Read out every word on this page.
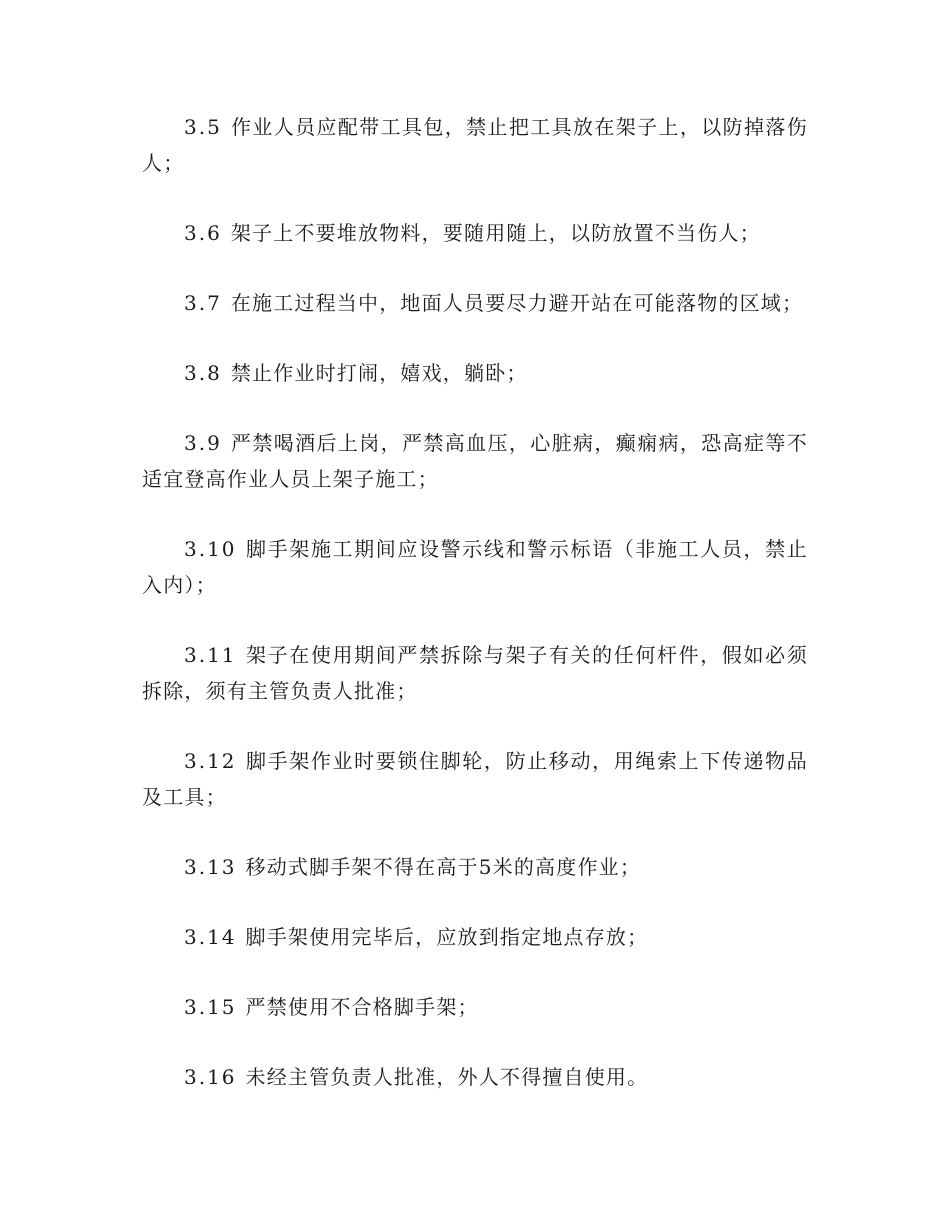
3.5 作业人员应配带工具包，禁止把工具放在架子上，以防掉落伤人；

3.6 架子上不要堆放物料，要随用随上，以防放置不当伤人；

3.7 在施工过程当中，地面人员要尽力避开站在可能落物的区域；

3.8 禁止作业时打闹，嬉戏，躺卧；

3.9 严禁喝酒后上岗，严禁高血压，心脏病，癫痫病，恐高症等不适宜登高作业人员上架子施工；

3.10 脚手架施工期间应设警示线和警示标语（非施工人员，禁止入内）；

3.11 架子在使用期间严禁拆除与架子有关的任何杆件，假如必须拆除，须有主管负责人批准；

3.12 脚手架作业时要锁住脚轮，防止移动，用绳索上下传递物品及工具；

3.13 移动式脚手架不得在高于5米的高度作业；

3.14 脚手架使用完毕后，应放到指定地点存放；

3.15 严禁使用不合格脚手架；

3.16 未经主管负责人批准，外人不得擅自使用。
